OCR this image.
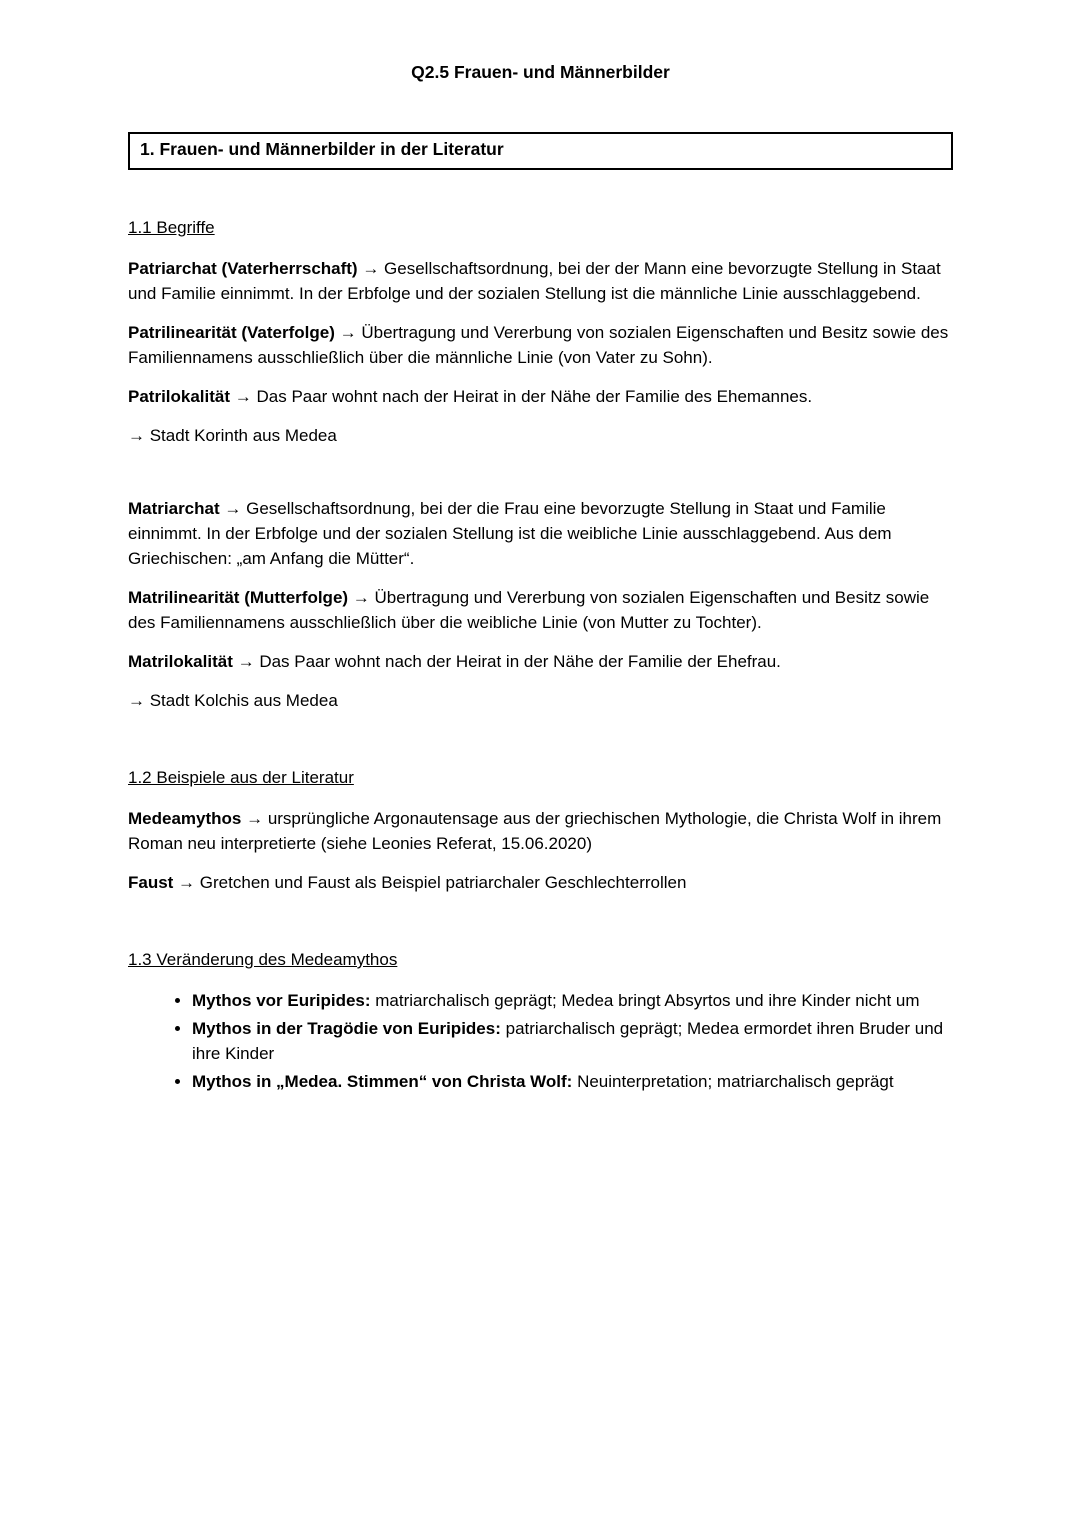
Q2.5 Frauen- und Männerbilder
1. Frauen- und Männerbilder in der Literatur
1.1 Begriffe

Patriarchat (Vaterherrschaft) → Gesellschaftsordnung, bei der der Mann eine bevorzugte Stellung in Staat und Familie einnimmt. In der Erbfolge und der sozialen Stellung ist die männliche Linie ausschlaggebend.

Patrilinearität (Vaterfolge) → Übertragung und Vererbung von sozialen Eigenschaften und Besitz sowie des Familiennamens ausschließlich über die männliche Linie (von Vater zu Sohn).

Patrilokalität → Das Paar wohnt nach der Heirat in der Nähe der Familie des Ehemannes.

→ Stadt Korinth aus Medea

Matriarchat → Gesellschaftsordnung, bei der die Frau eine bevorzugte Stellung in Staat und Familie einnimmt. In der Erbfolge und der sozialen Stellung ist die weibliche Linie ausschlaggebend. Aus dem Griechischen: „am Anfang die Mütter“.

Matrilinearität (Mutterfolge) → Übertragung und Vererbung von sozialen Eigenschaften und Besitz sowie des Familiennamens ausschließlich über die weibliche Linie (von Mutter zu Tochter).

Matrilokalität → Das Paar wohnt nach der Heirat in der Nähe der Familie der Ehefrau.

→ Stadt Kolchis aus Medea

1.2 Beispiele aus der Literatur

Medeamythos → ursprüngliche Argonautensage aus der griechischen Mythologie, die Christa Wolf in ihrem Roman neu interpretierte (siehe Leonies Referat, 15.06.2020)

Faust → Gretchen und Faust als Beispiel patriarchaler Geschlechterrollen

1.3 Veränderung des Medeamythos
• Mythos vor Euripides: matriarchalisch geprägt; Medea bringt Absyrtos und ihre Kinder nicht um
• Mythos in der Tragödie von Euripides: patriarchalisch geprägt; Medea ermordet ihren Bruder und ihre Kinder
• Mythos in „Medea. Stimmen“ von Christa Wolf: Neuinterpretation; matriarchalisch geprägt
